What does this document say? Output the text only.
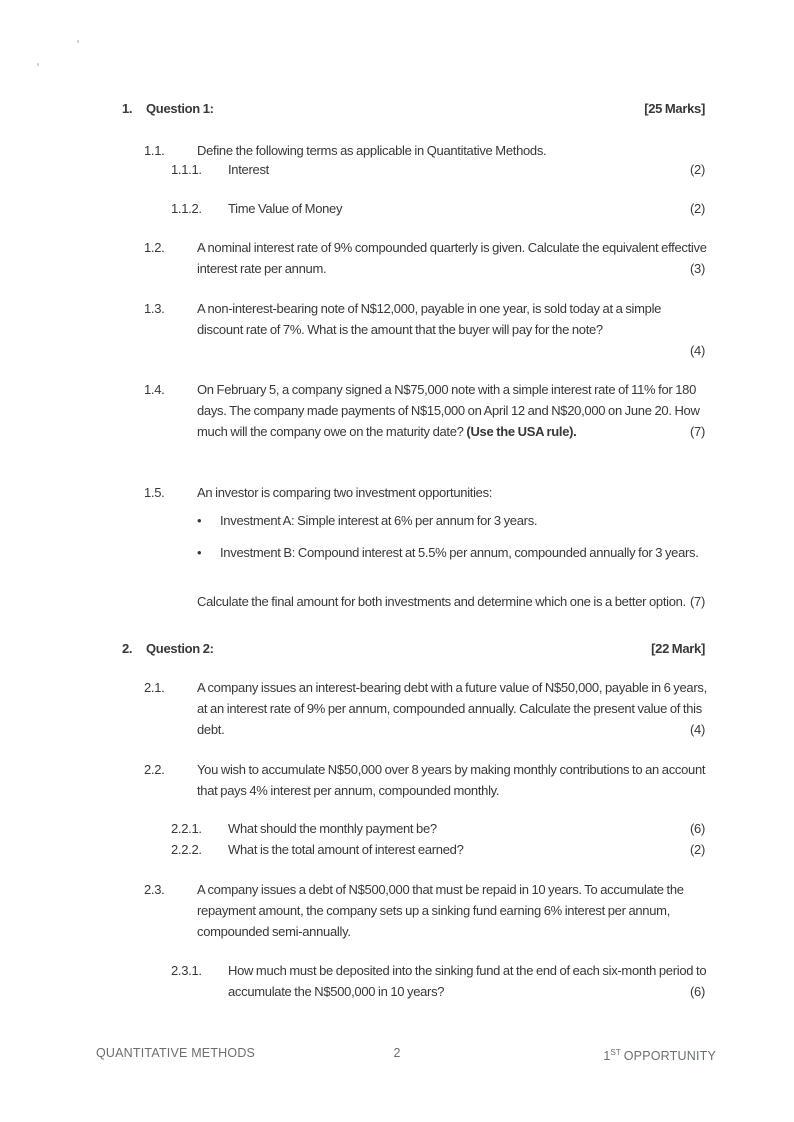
1. Question 1:	[25 Marks]
1.1.	Define the following terms as applicable in Quantitative Methods.
1.1.1. Interest	(2)
1.1.2. Time Value of Money	(2)
1.2.	A nominal interest rate of 9% compounded quarterly is given. Calculate the equivalent effective interest rate per annum.	(3)
1.3.	A non-interest-bearing note of N$12,000, payable in one year, is sold today at a simple discount rate of 7%. What is the amount that the buyer will pay for the note?
(4)
1.4.	On February 5, a company signed a N$75,000 note with a simple interest rate of 11% for 180 days. The company made payments of N$15,000 on April 12 and N$20,000 on June 20. How much will the company owe on the maturity date? (Use the USA rule).	(7)
1.5.	An investor is comparing two investment opportunities:
• Investment A: Simple interest at 6% per annum for 3 years.
• Investment B: Compound interest at 5.5% per annum, compounded annually for 3 years.
Calculate the final amount for both investments and determine which one is a better option. (7)
2. Question 2:	[22 Mark]
2.1.	A company issues an interest-bearing debt with a future value of N$50,000, payable in 6 years, at an interest rate of 9% per annum, compounded annually. Calculate the present value of this debt.	(4)
2.2.	You wish to accumulate N$50,000 over 8 years by making monthly contributions to an account that pays 4% interest per annum, compounded monthly.
2.2.1. What should the monthly payment be?	(6)
2.2.2. What is the total amount of interest earned?	(2)
2.3.	A company issues a debt of N$500,000 that must be repaid in 10 years. To accumulate the repayment amount, the company sets up a sinking fund earning 6% interest per annum, compounded semi-annually.
2.3.1. How much must be deposited into the sinking fund at the end of each six-month period to accumulate the N$500,000 in 10 years?	(6)
QUANTITATIVE METHODS	2	1ST OPPORTUNITY
